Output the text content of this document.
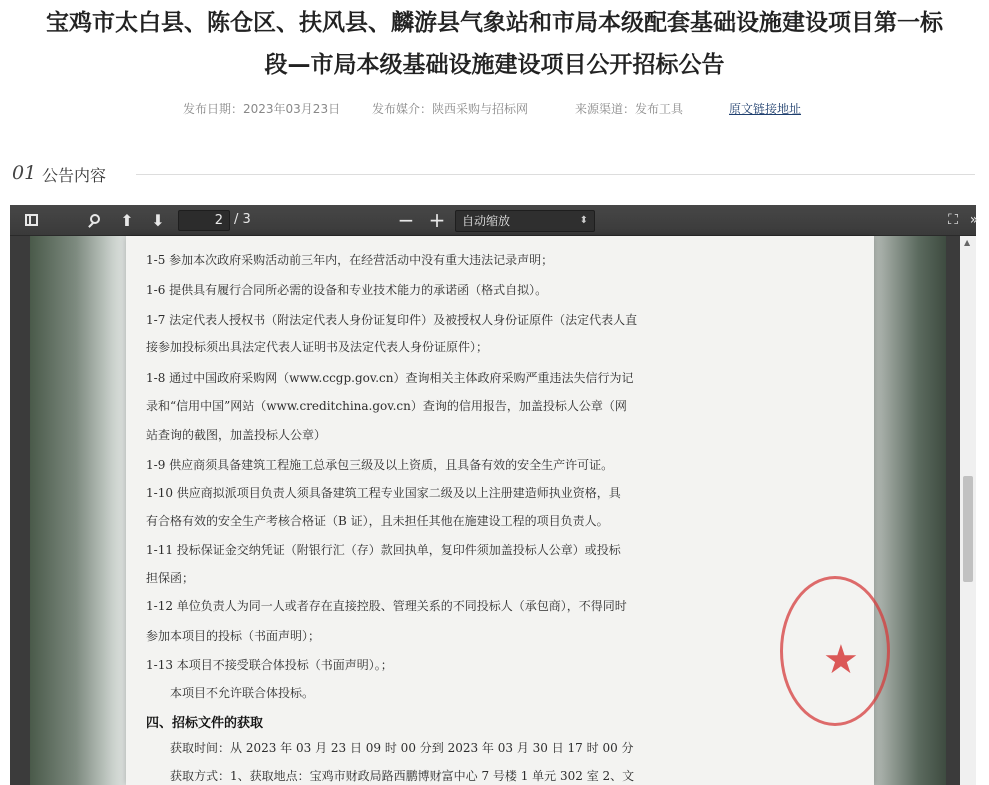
宝鸡市太白县、陈仓区、扶风县、麟游县气象站和市局本级配套基础设施建设项目第一标
段—市局本级基础设施建设项目公开招标公告
发布日期：2023年03月23日	发布媒介：陕西采购与招标网	来源渠道：发布工具	原文链接地址
01 公告内容
⬆	⬇	2 / 3	− +	自动缩放	⬍	⛶ »
1-5 参加本次政府采购活动前三年内，在经营活动中没有重大违法记录声明；
1-6 提供具有履行合同所必需的设备和专业技术能力的承诺函（格式自拟）。
1-7 法定代表人授权书（附法定代表人身份证复印件）及被授权人身份证原件（法定代表人直
接参加投标须出具法定代表人证明书及法定代表人身份证原件）；
1-8 通过中国政府采购网（www.ccgp.gov.cn）查询相关主体政府采购严重违法失信行为记
录和“信用中国”网站（www.creditchina.gov.cn）查询的信用报告，加盖投标人公章（网
站查询的截图，加盖投标人公章）
1-9 供应商须具备建筑工程施工总承包三级及以上资质，且具备有效的安全生产许可证。
1-10 供应商拟派项目负责人须具备建筑工程专业国家二级及以上注册建造师执业资格，具
有合格有效的安全生产考核合格证（B 证），且未担任其他在施建设工程的项目负责人。
1-11 投标保证金交纳凭证（附银行汇（存）款回执单，复印件须加盖投标人公章）或投标
担保函；
1-12 单位负责人为同一人或者存在直接控股、管理关系的不同投标人（承包商），不得同时
参加本项目的投标（书面声明）；
1-13 本项目不接受联合体投标（书面声明）。；
本项目不允许联合体投标。
四、招标文件的获取
获取时间：从 2023 年 03 月 23 日 09 时 00 分到 2023 年 03 月 30 日 17 时 00 分
获取方式：1、获取地点：宝鸡市财政局路西鹏博财富中心 7 号楼 1 单元 302 室 2、文
★
▲
